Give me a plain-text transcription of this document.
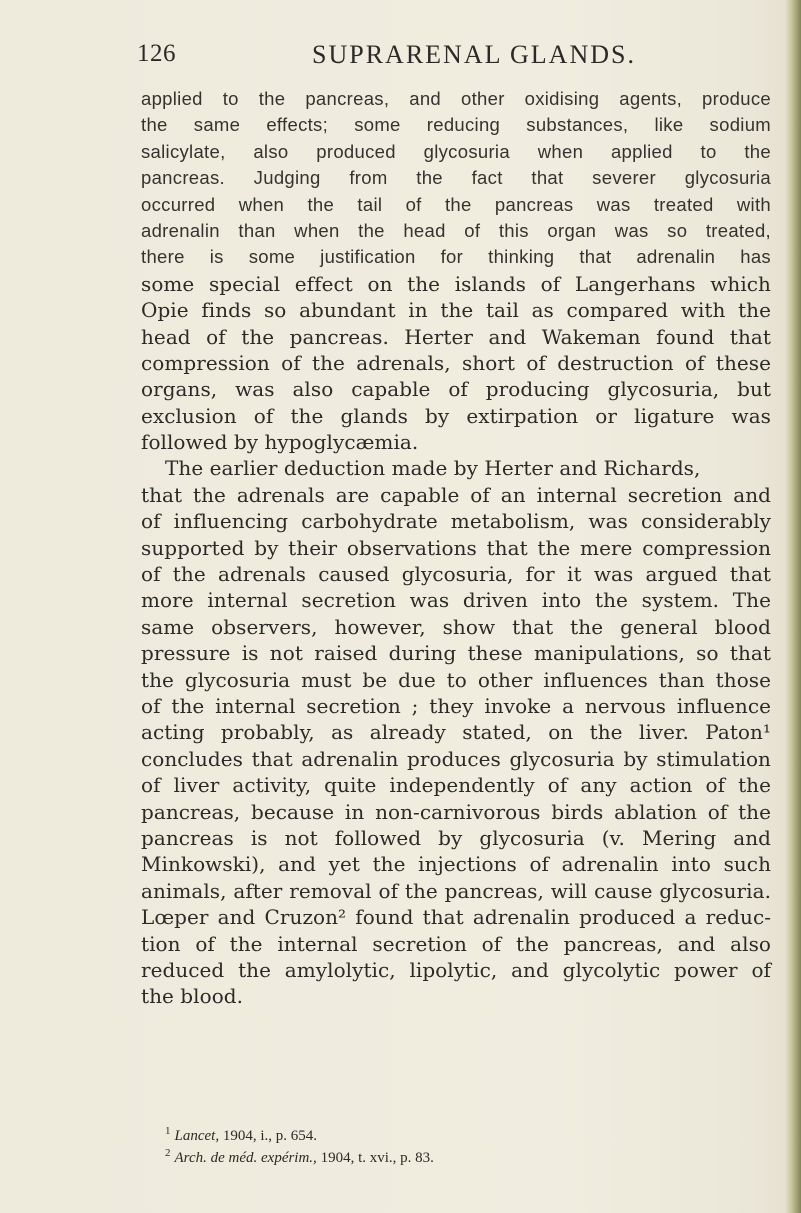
126	SUPRARENAL GLANDS.
applied to the pancreas, and other oxidising agents, produce
the same effects; some reducing substances, like sodium
salicylate, also produced glycosuria when applied to the
pancreas. Judging from the fact that severer glycosuria
occurred when the tail of the pancreas was treated with
adrenalin than when the head of this organ was so treated,
there is some justification for thinking that adrenalin has
some special effect on the islands of Langerhans which
Opie finds so abundant in the tail as compared with the
head of the pancreas. Herter and Wakeman found that
compression of the adrenals, short of destruction of these
organs, was also capable of producing glycosuria, but
exclusion of the glands by extirpation or ligature was
followed by hypoglycæmia.
The earlier deduction made by Herter and Richards,
that the adrenals are capable of an internal secretion and
of influencing carbohydrate metabolism, was considerably
supported by their observations that the mere compression
of the adrenals caused glycosuria, for it was argued that
more internal secretion was driven into the system. The
same observers, however, show that the general blood
pressure is not raised during these manipulations, so that
the glycosuria must be due to other influences than those
of the internal secretion ; they invoke a nervous influence
acting probably, as already stated, on the liver. Paton¹
concludes that adrenalin produces glycosuria by stimulation
of liver activity, quite independently of any action of the
pancreas, because in non-carnivorous birds ablation of the
pancreas is not followed by glycosuria (v. Mering and
Minkowski), and yet the injections of adrenalin into such
animals, after removal of the pancreas, will cause glycosuria.
Lœper and Cruzon² found that adrenalin produced a reduc-
tion of the internal secretion of the pancreas, and also
reduced the amylolytic, lipolytic, and glycolytic power of
the blood.
$^1$ Lancet, 1904, i., p. 654.
$^2$ Arch. de méd. expérim., 1904, t. xvi., p. 83.
